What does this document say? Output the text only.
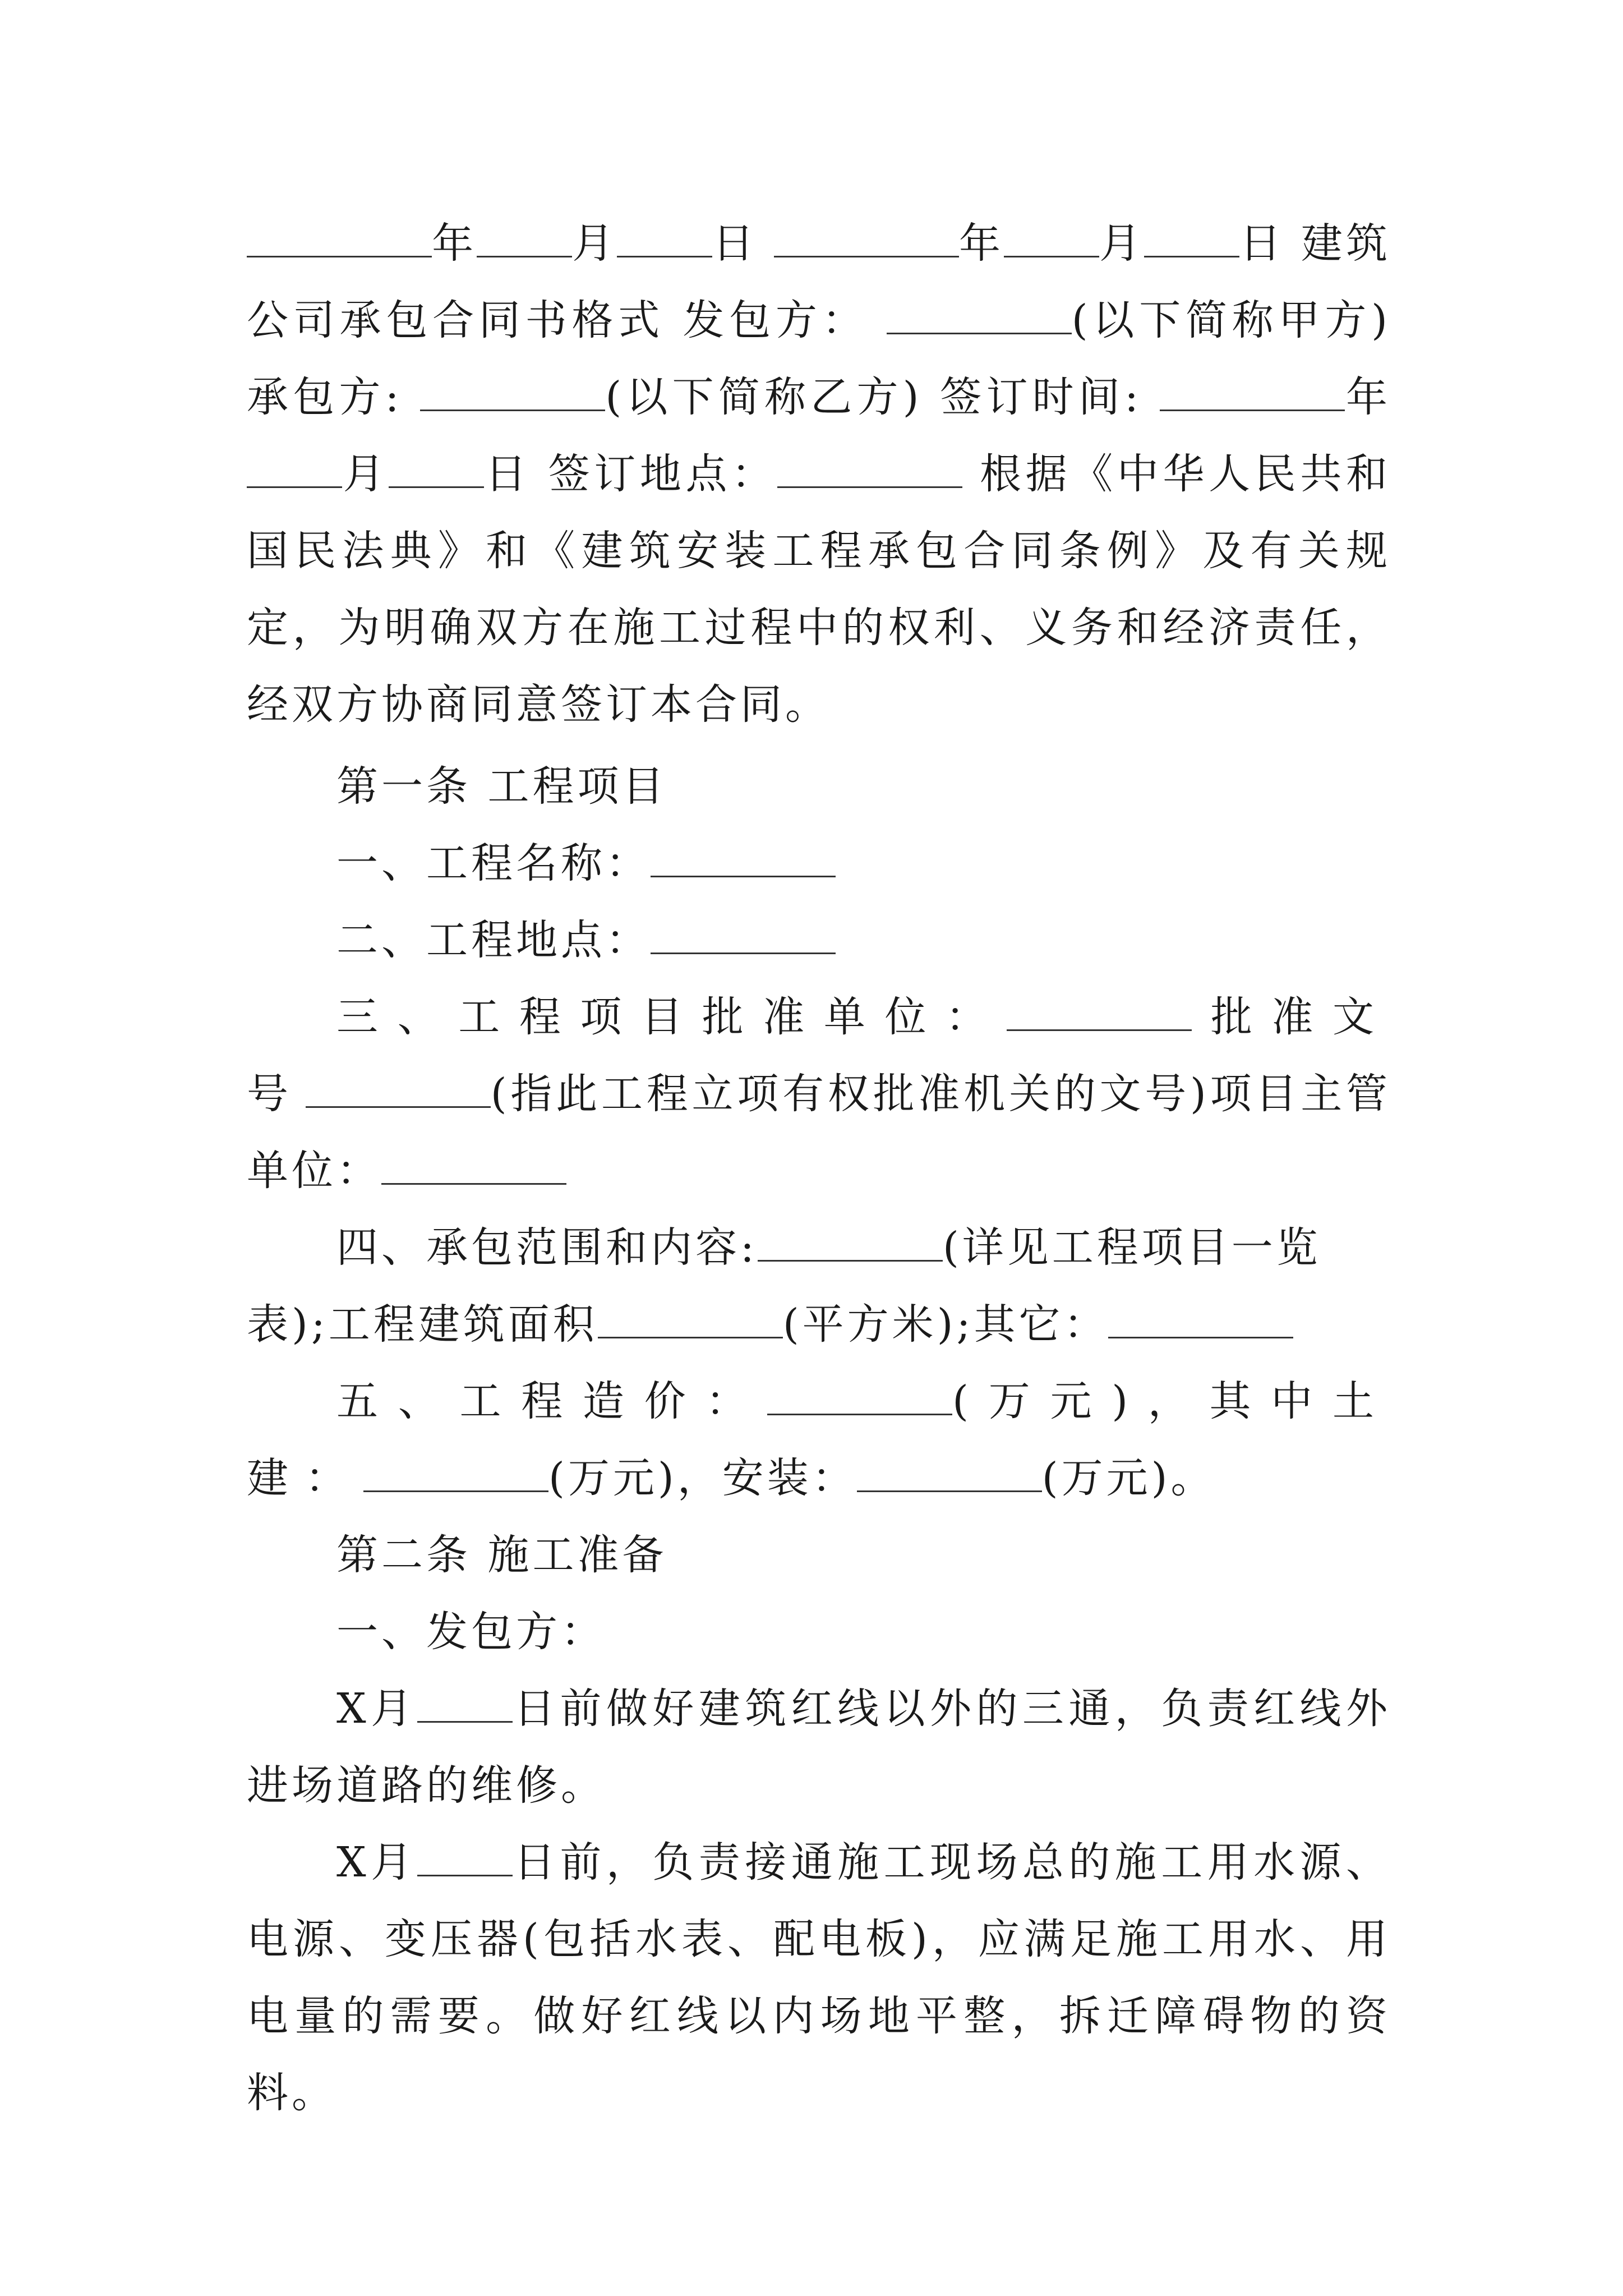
年 月 日	年 月 日 建筑公司承包合同书格式 发包方：	(以下简称甲方) 承包方:	(以下简称乙方) 签订时间:	年月 日 签订地点：	根据《中华人民共和国民法典》和《建筑安装工程承包合同条例》及有关规定，为明确双方在施工过程中的权利、义务和经济责任，经双方协商同意签订本合同。

第一条 工程项目

一、工程名称：

二、工程地点：

三、工程项目批准单位：	批准文号	(指此工程立项有权批准机关的文号)项目主管单位：

四、承包范围和内容:	(详见工程项目一览表);工程建筑面积	(平方米);其它：

五、工程造价：	(万元)，其中土建：	(万元)，安装：	(万元)。

第二条 施工准备

一、发包方：

X月 日前做好建筑红线以外的三通，负责红线外进场道路的维修。

X月 日前，负责接通施工现场总的施工用水源、电源、变压器(包括水表、配电板)，应满足施工用水、用电量的需要。做好红线以内场地平整，拆迁障碍物的资料。
